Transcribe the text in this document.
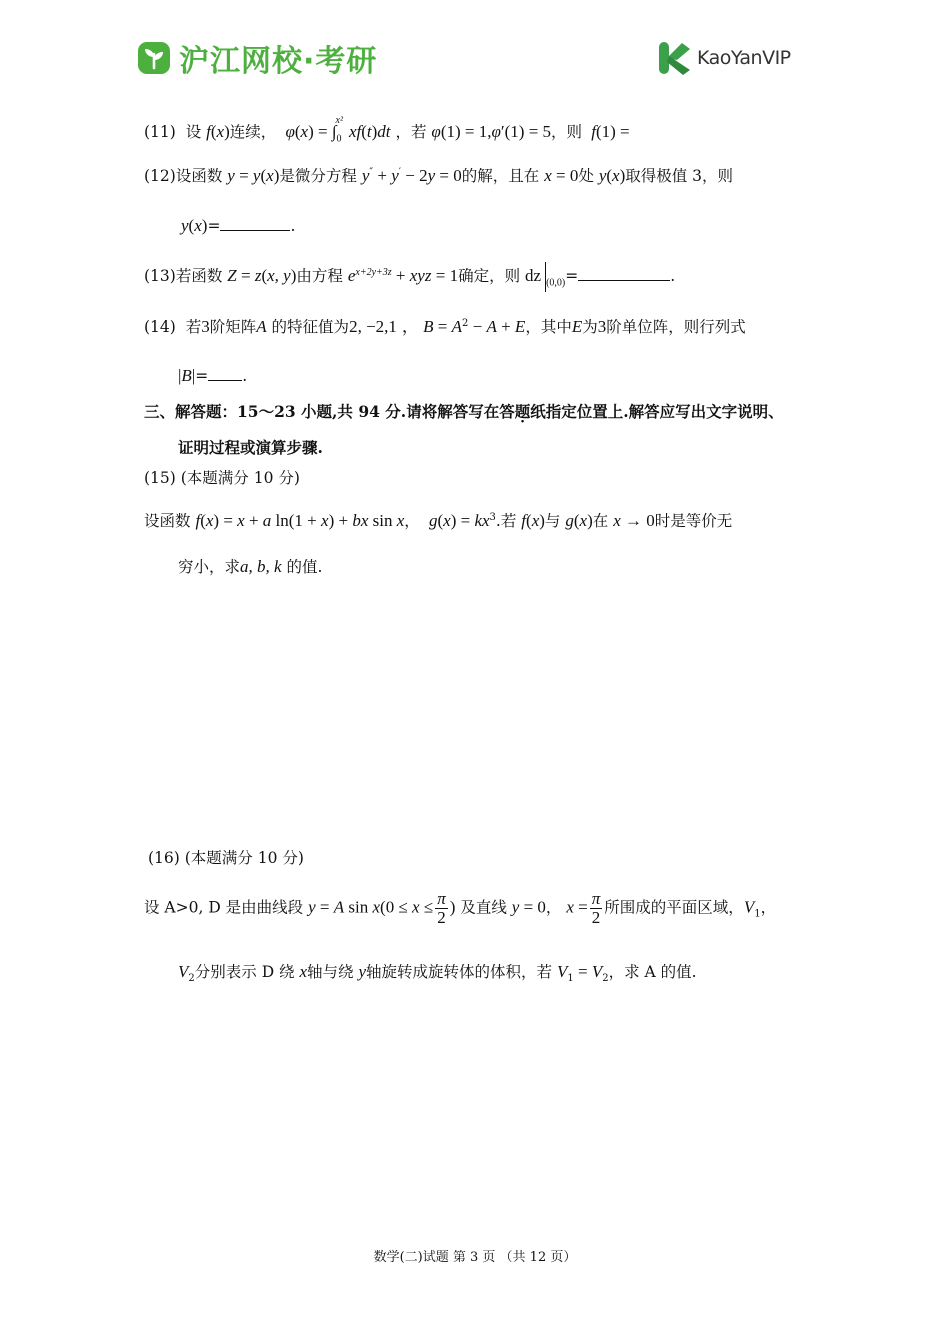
沪江网校·考研	KaoYanVIP
(11) 设 f(x)连续，  $\varphi(x) = \int_0^{x^2}xf(t)dt$ ，若 φ(1) = 1,φ′(1) = 5，则  f(1) =
(12)设函数 y = y(x)是微分方程 y″ + y′ − 2y = 0的解，且在 x = 0处 y(x)取得极值 3，则
y(x)=	.
(13)若函数 Z = z(x, y)由方程 $e^{x+2y+3z}$ + xyz = 1确定，则 dz $_{(0,0)}$=	.
(14) 若3阶矩阵A 的特征值为2, −2,1 ， $B = A^2 - A + E$，其中E为3阶单位阵，则行列式
|B|= .
三、解答题：15～23 小题,共 94 分.请将解答写在答题纸指定位置上.解答应写出文字说明、
证明过程或演算步骤.
(15) (本题满分 10 分)
设函数 f(x) = x + a ln(1 + x) + bx sin x，  $g(x) = kx^3$.若 f(x)与 g(x)在 x → 0时是等价无
穷小，求a, b, k 的值.
(16) (本题满分 10 分)
设 A>0, D 是由曲线段 y = A $\sin x(0 \le x \le \frac{\pi}{2}$ ) 及直线 y = 0， $x = \frac{\pi}{2}$ 所围成的平面区域，$V_1$，
$V_2$分别表示 D 绕 x轴与绕 y轴旋转成旋转体的体积，若 $V_1 = V_2$，求 A 的值.
数学(二)试题 第 3 页 （共 12 页）
